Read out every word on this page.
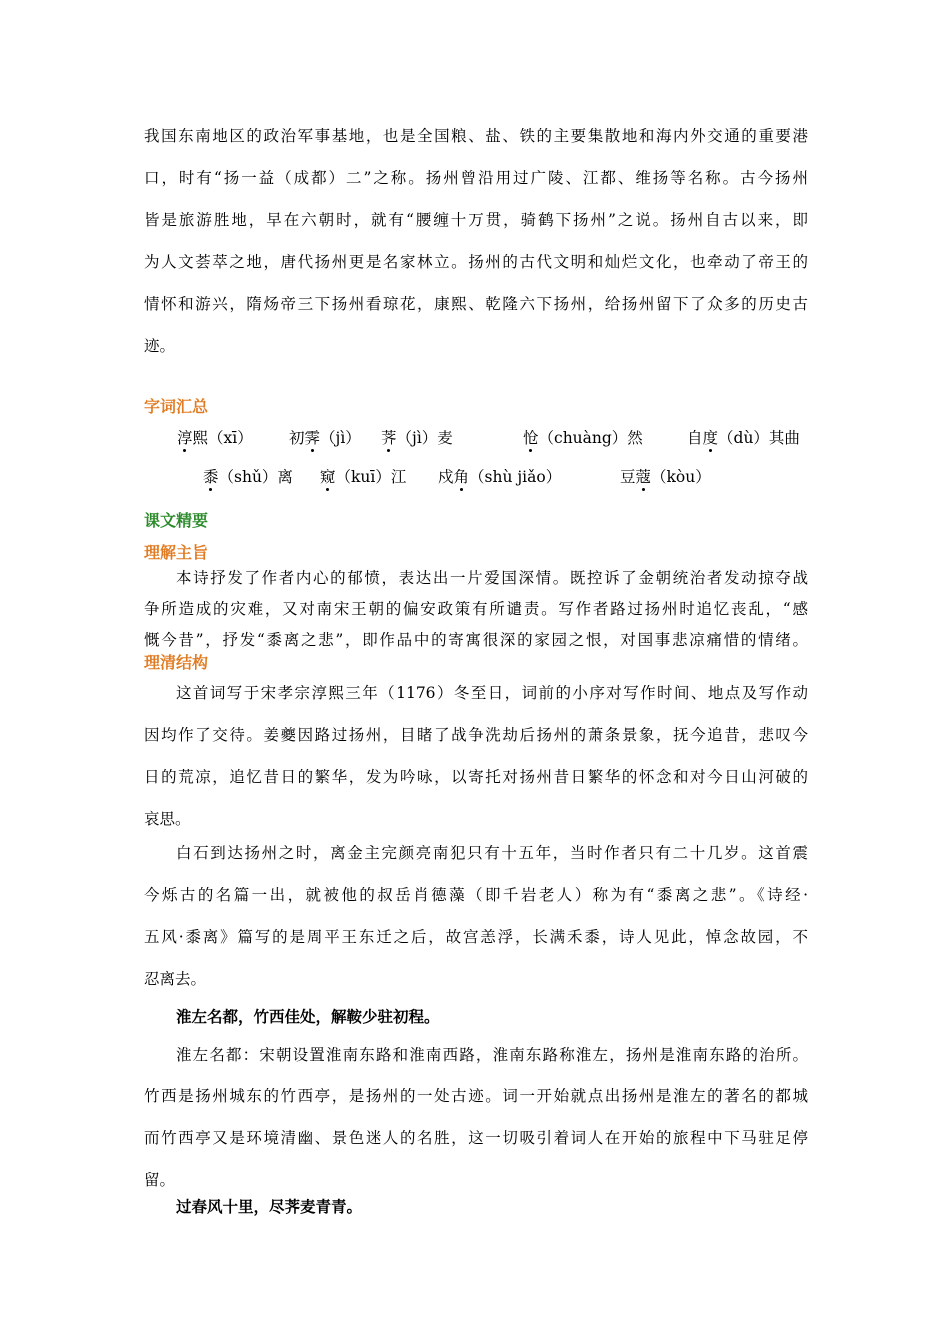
我国东南地区的政治军事基地，也是全国粮、盐、铁的主要集散地和海内外交通的重要港
口，时有“扬一益（成都）二”之称。扬州曾沿用过广陵、江都、维扬等名称。古今扬州
皆是旅游胜地，早在六朝时，就有“腰缠十万贯，骑鹤下扬州”之说。扬州自古以来，即
为人文荟萃之地，唐代扬州更是名家林立。扬州的古代文明和灿烂文化，也牵动了帝王的
情怀和游兴，隋炀帝三下扬州看琼花，康熙、乾隆六下扬州，给扬州留下了众多的历史古
迹。
字词汇总
淳熙（xī） 初霁（jì） 荠（jì）麦	怆（chuàng）然	自度（dù）其曲
黍（shǔ）离 窥（kuī）江 戍角（shù jiǎo）	豆蔻（kòu）
课文精要
理解主旨
本诗抒发了作者内心的郁愤，表达出一片爱国深情。既控诉了金朝统治者发动掠夺战
争所造成的灾难，又对南宋王朝的偏安政策有所谴责。写作者路过扬州时追忆丧乱，“感
慨今昔”，抒发“黍离之悲”，即作品中的寄寓很深的家园之恨，对国事悲凉痛惜的情绪。
理清结构
这首词写于宋孝宗淳熙三年（1176）冬至日，词前的小序对写作时间、地点及写作动
因均作了交待。姜夔因路过扬州，目睹了战争洗劫后扬州的萧条景象，抚今追昔，悲叹今
日的荒凉，追忆昔日的繁华，发为吟咏，以寄托对扬州昔日繁华的怀念和对今日山河破的
哀思。
白石到达扬州之时，离金主完颜亮南犯只有十五年，当时作者只有二十几岁。这首震
今烁古的名篇一出，就被他的叔岳肖德藻（即千岩老人）称为有“黍离之悲”。《诗经·
五风·黍离》篇写的是周平王东迁之后，故宫恙浮，长满禾黍，诗人见此，悼念故园，不
忍离去。
淮左名都，竹西佳处，解鞍少驻初程。
淮左名都：宋朝设置淮南东路和淮南西路，淮南东路称淮左，扬州是淮南东路的治所。
竹西是扬州城东的竹西亭，是扬州的一处古迹。词一开始就点出扬州是淮左的著名的都城
而竹西亭又是环境清幽、景色迷人的名胜，这一切吸引着词人在开始的旅程中下马驻足停
留。
过春风十里，尽荠麦青青。
